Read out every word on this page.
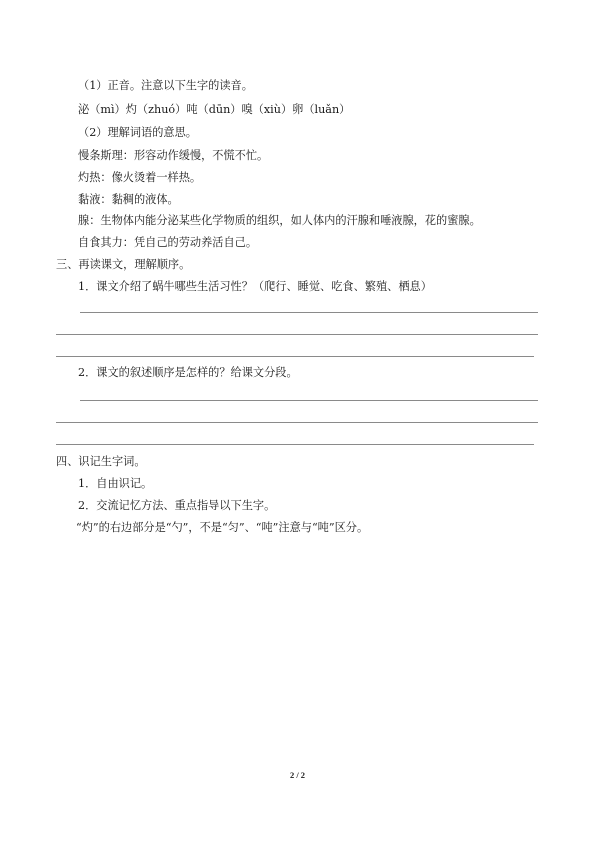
（1）正音。注意以下生字的读音。
泌（mì）灼（zhuó）吨（dūn）嗅（xiù）卵（luǎn）
（2）理解词语的意思。
慢条斯理：形容动作缓慢，不慌不忙。
灼热：像火烫着一样热。
黏液：黏稠的液体。
腺：生物体内能分泌某些化学物质的组织，如人体内的汗腺和唾液腺，花的蜜腺。
自食其力：凭自己的劳动养活自己。
三、再读课文，理解顺序。
1．课文介绍了蜗牛哪些生活习性？（爬行、睡觉、吃食、繁殖、栖息）
2．课文的叙述顺序是怎样的？给课文分段。
四、识记生字词。
1．自由识记。
2．交流记忆方法、重点指导以下生字。
“灼”的右边部分是“勺”，不是“匀”、“吨”注意与“吨”区分。
2 / 2
